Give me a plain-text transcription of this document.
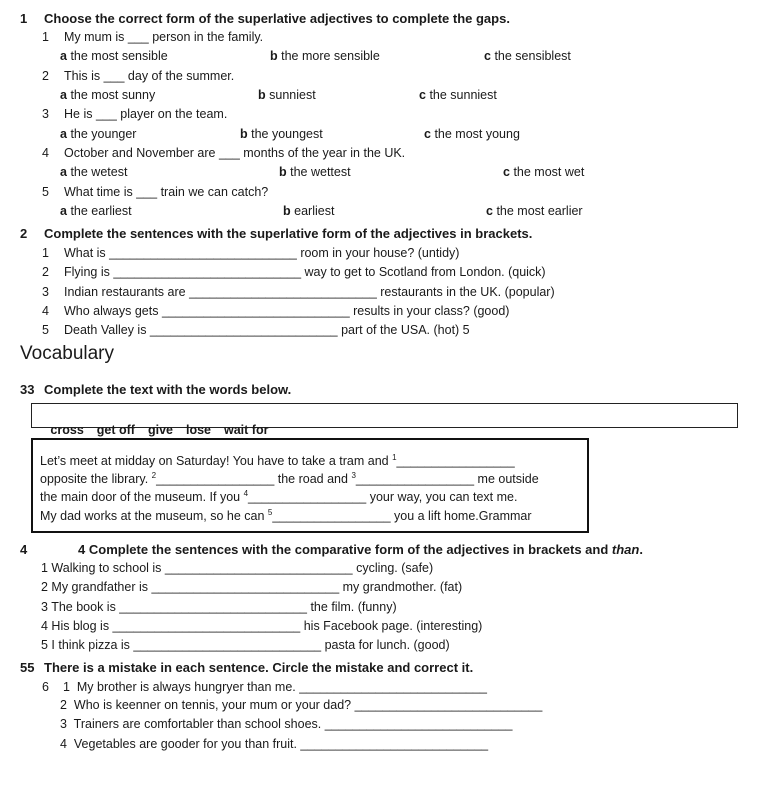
1 Choose the correct form of the superlative adjectives to complete the gaps.
1 My mum is ___ person in the family.
a the most sensible	b the more sensible	c the sensiblest
2 This is ___ day of the summer.
a the most sunny	b sunniest	c the sunniest
3 He is ___ player on the team.
a the younger	b the youngest	c the most young
4 October and November are ___ months of the year in the UK.
a the wetest	b the wettest	c the most wet
5 What time is ___ train we can catch?
a the earliest	b earliest	c the most earlier
2 Complete the sentences with the superlative form of the adjectives in brackets.
1 What is ___________________________ room in your house? (untidy)
2 Flying is ___________________________ way to get to Scotland from London. (quick)
3 Indian restaurants are ___________________________ restaurants in the UK. (popular)
4 Who always gets ___________________________ results in your class? (good)
5 Death Valley is ___________________________ part of the USA. (hot) 5
Vocabulary
33 Complete the text with the words below.

cross get off give lose wait for

Let’s meet at midday on Saturday! You have to take a tram and $^1$_________________
opposite the library. $^2$_________________ the road and $^3$_________________ me outside
the main door of the museum. If you $^4$_________________ your way, you can text me.
My dad works at the museum, so he can $^5$_________________ you a lift home.Grammar
4	4 Complete the sentences with the comparative form of the adjectives in brackets and than.
1 Walking to school is ___________________________ cycling. (safe)
2 My grandfather is ___________________________ my grandmother. (fat)
3 The book is ___________________________ the film. (funny)
4 His blog is ___________________________ his Facebook page. (interesting)
5 I think pizza is ___________________________ pasta for lunch. (good)
55 There is a mistake in each sentence. Circle the mistake and correct it.
6 1  My brother is always hungryer than me. ___________________________
2  Who is keenner on tennis, your mum or your dad? ___________________________
3  Trainers are comfortabler than school shoes. ___________________________
4  Vegetables are gooder for you than fruit. ___________________________
